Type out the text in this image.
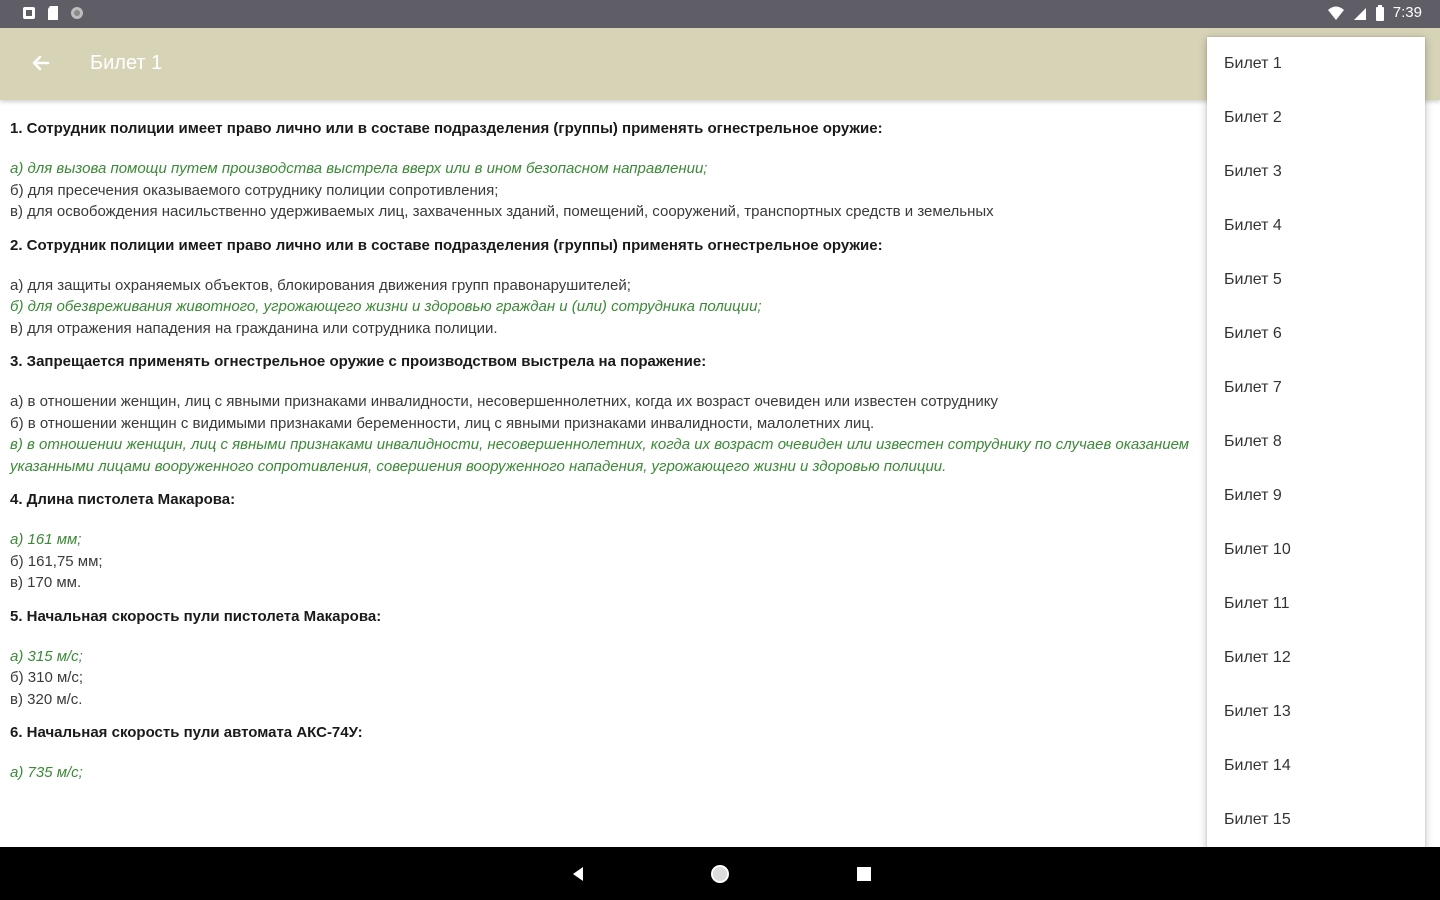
7:39
Билет 1
1. Сотрудник полиции имеет право лично или в составе подразделения (группы) применять огнестрельное оружие:
а) для вызова помощи путем производства выстрела вверх или в ином безопасном направлении;
б) для пресечения оказываемого сотруднику полиции сопротивления;
в) для освобождения насильственно удерживаемых лиц, захваченных зданий, помещений, сооружений, транспортных средств и земельных
2. Сотрудник полиции имеет право лично или в составе подразделения (группы) применять огнестрельное оружие:
а) для защиты охраняемых объектов, блокирования движения групп правонарушителей;
б) для обезвреживания животного, угрожающего жизни и здоровью граждан и (или) сотрудника полиции;
в) для отражения нападения на гражданина или сотрудника полиции.
3. Запрещается применять огнестрельное оружие с производством выстрела на поражение:
а) в отношении женщин, лиц с явными признаками инвалидности, несовершеннолетних, когда их возраст очевиден или известен сотруднику
б) в отношении женщин с видимыми признаками беременности, лиц с явными признаками инвалидности, малолетних лиц.
в) в отношении женщин, лиц с явными признаками инвалидности, несовершеннолетних, когда их возраст очевиден или известен сотруднику по случаев оказанием указанными лицами вооруженного сопротивления, совершения вооруженного нападения, угрожающего жизни и здоровью полиции.
4. Длина пистолета Макарова:
а) 161 мм;
б) 161,75 мм;
в) 170 мм.
5. Начальная скорость пули пистолета Макарова:
а) 315 м/с;
б) 310 м/с;
в) 320 м/с.
6. Начальная скорость пули автомата АКС-74У:
а) 735 м/с;
Билет 1
Билет 2
Билет 3
Билет 4
Билет 5
Билет 6
Билет 7
Билет 8
Билет 9
Билет 10
Билет 11
Билет 12
Билет 13
Билет 14
Билет 15
